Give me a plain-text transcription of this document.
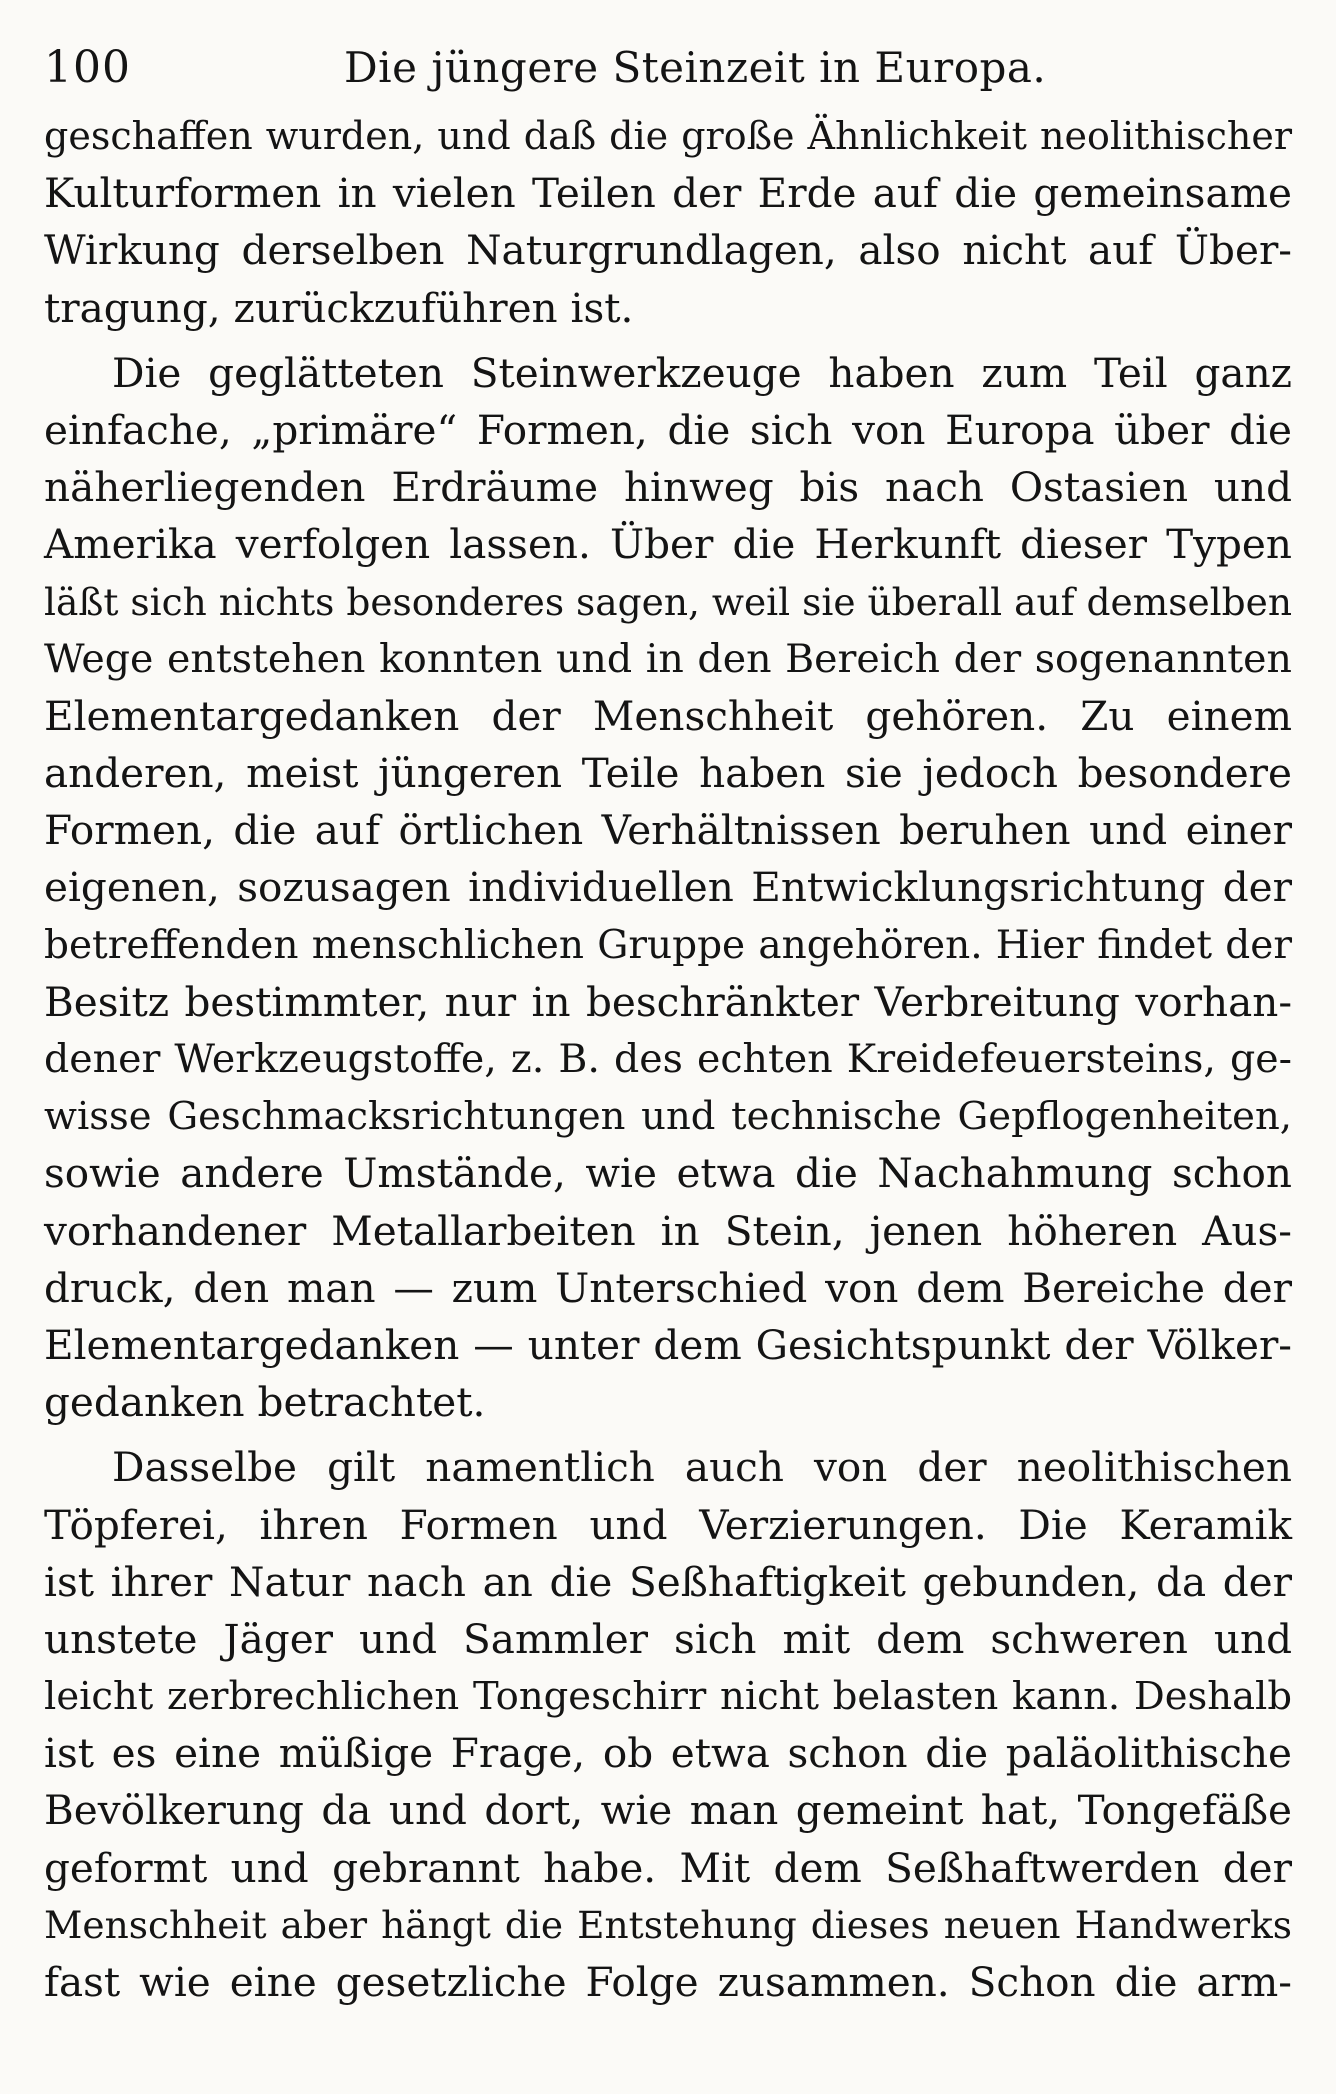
100	Die jüngere Steinzeit in Europa.
geschaffen wurden, und daß die große Ähnlichkeit neolithischer
Kulturformen in vielen Teilen der Erde auf die gemeinsame
Wirkung derselben Naturgrundlagen, also nicht auf Über-
tragung, zurückzuführen ist.
Die geglätteten Steinwerkzeuge haben zum Teil ganz
einfache, „primäre“ Formen, die sich von Europa über die
näherliegenden Erdräume hinweg bis nach Ostasien und
Amerika verfolgen lassen. Über die Herkunft dieser Typen
läßt sich nichts besonderes sagen, weil sie überall auf demselben
Wege entstehen konnten und in den Bereich der sogenannten
Elementargedanken der Menschheit gehören. Zu einem
anderen, meist jüngeren Teile haben sie jedoch besondere
Formen, die auf örtlichen Verhältnissen beruhen und einer
eigenen, sozusagen individuellen Entwicklungsrichtung der
betreffenden menschlichen Gruppe angehören. Hier findet der
Besitz bestimmter, nur in beschränkter Verbreitung vorhan-
dener Werkzeugstoffe, z. B. des echten Kreidefeuersteins, ge-
wisse Geschmacksrichtungen und technische Gepflogenheiten,
sowie andere Umstände, wie etwa die Nachahmung schon
vorhandener Metallarbeiten in Stein, jenen höheren Aus-
druck, den man — zum Unterschied von dem Bereiche der
Elementargedanken — unter dem Gesichtspunkt der Völker-
gedanken betrachtet.
Dasselbe gilt namentlich auch von der neolithischen
Töpferei, ihren Formen und Verzierungen. Die Keramik
ist ihrer Natur nach an die Seßhaftigkeit gebunden, da der
unstete Jäger und Sammler sich mit dem schweren und
leicht zerbrechlichen Tongeschirr nicht belasten kann. Deshalb
ist es eine müßige Frage, ob etwa schon die paläolithische
Bevölkerung da und dort, wie man gemeint hat, Tongefäße
geformt und gebrannt habe. Mit dem Seßhaftwerden der
Menschheit aber hängt die Entstehung dieses neuen Handwerks
fast wie eine gesetzliche Folge zusammen. Schon die arm-
